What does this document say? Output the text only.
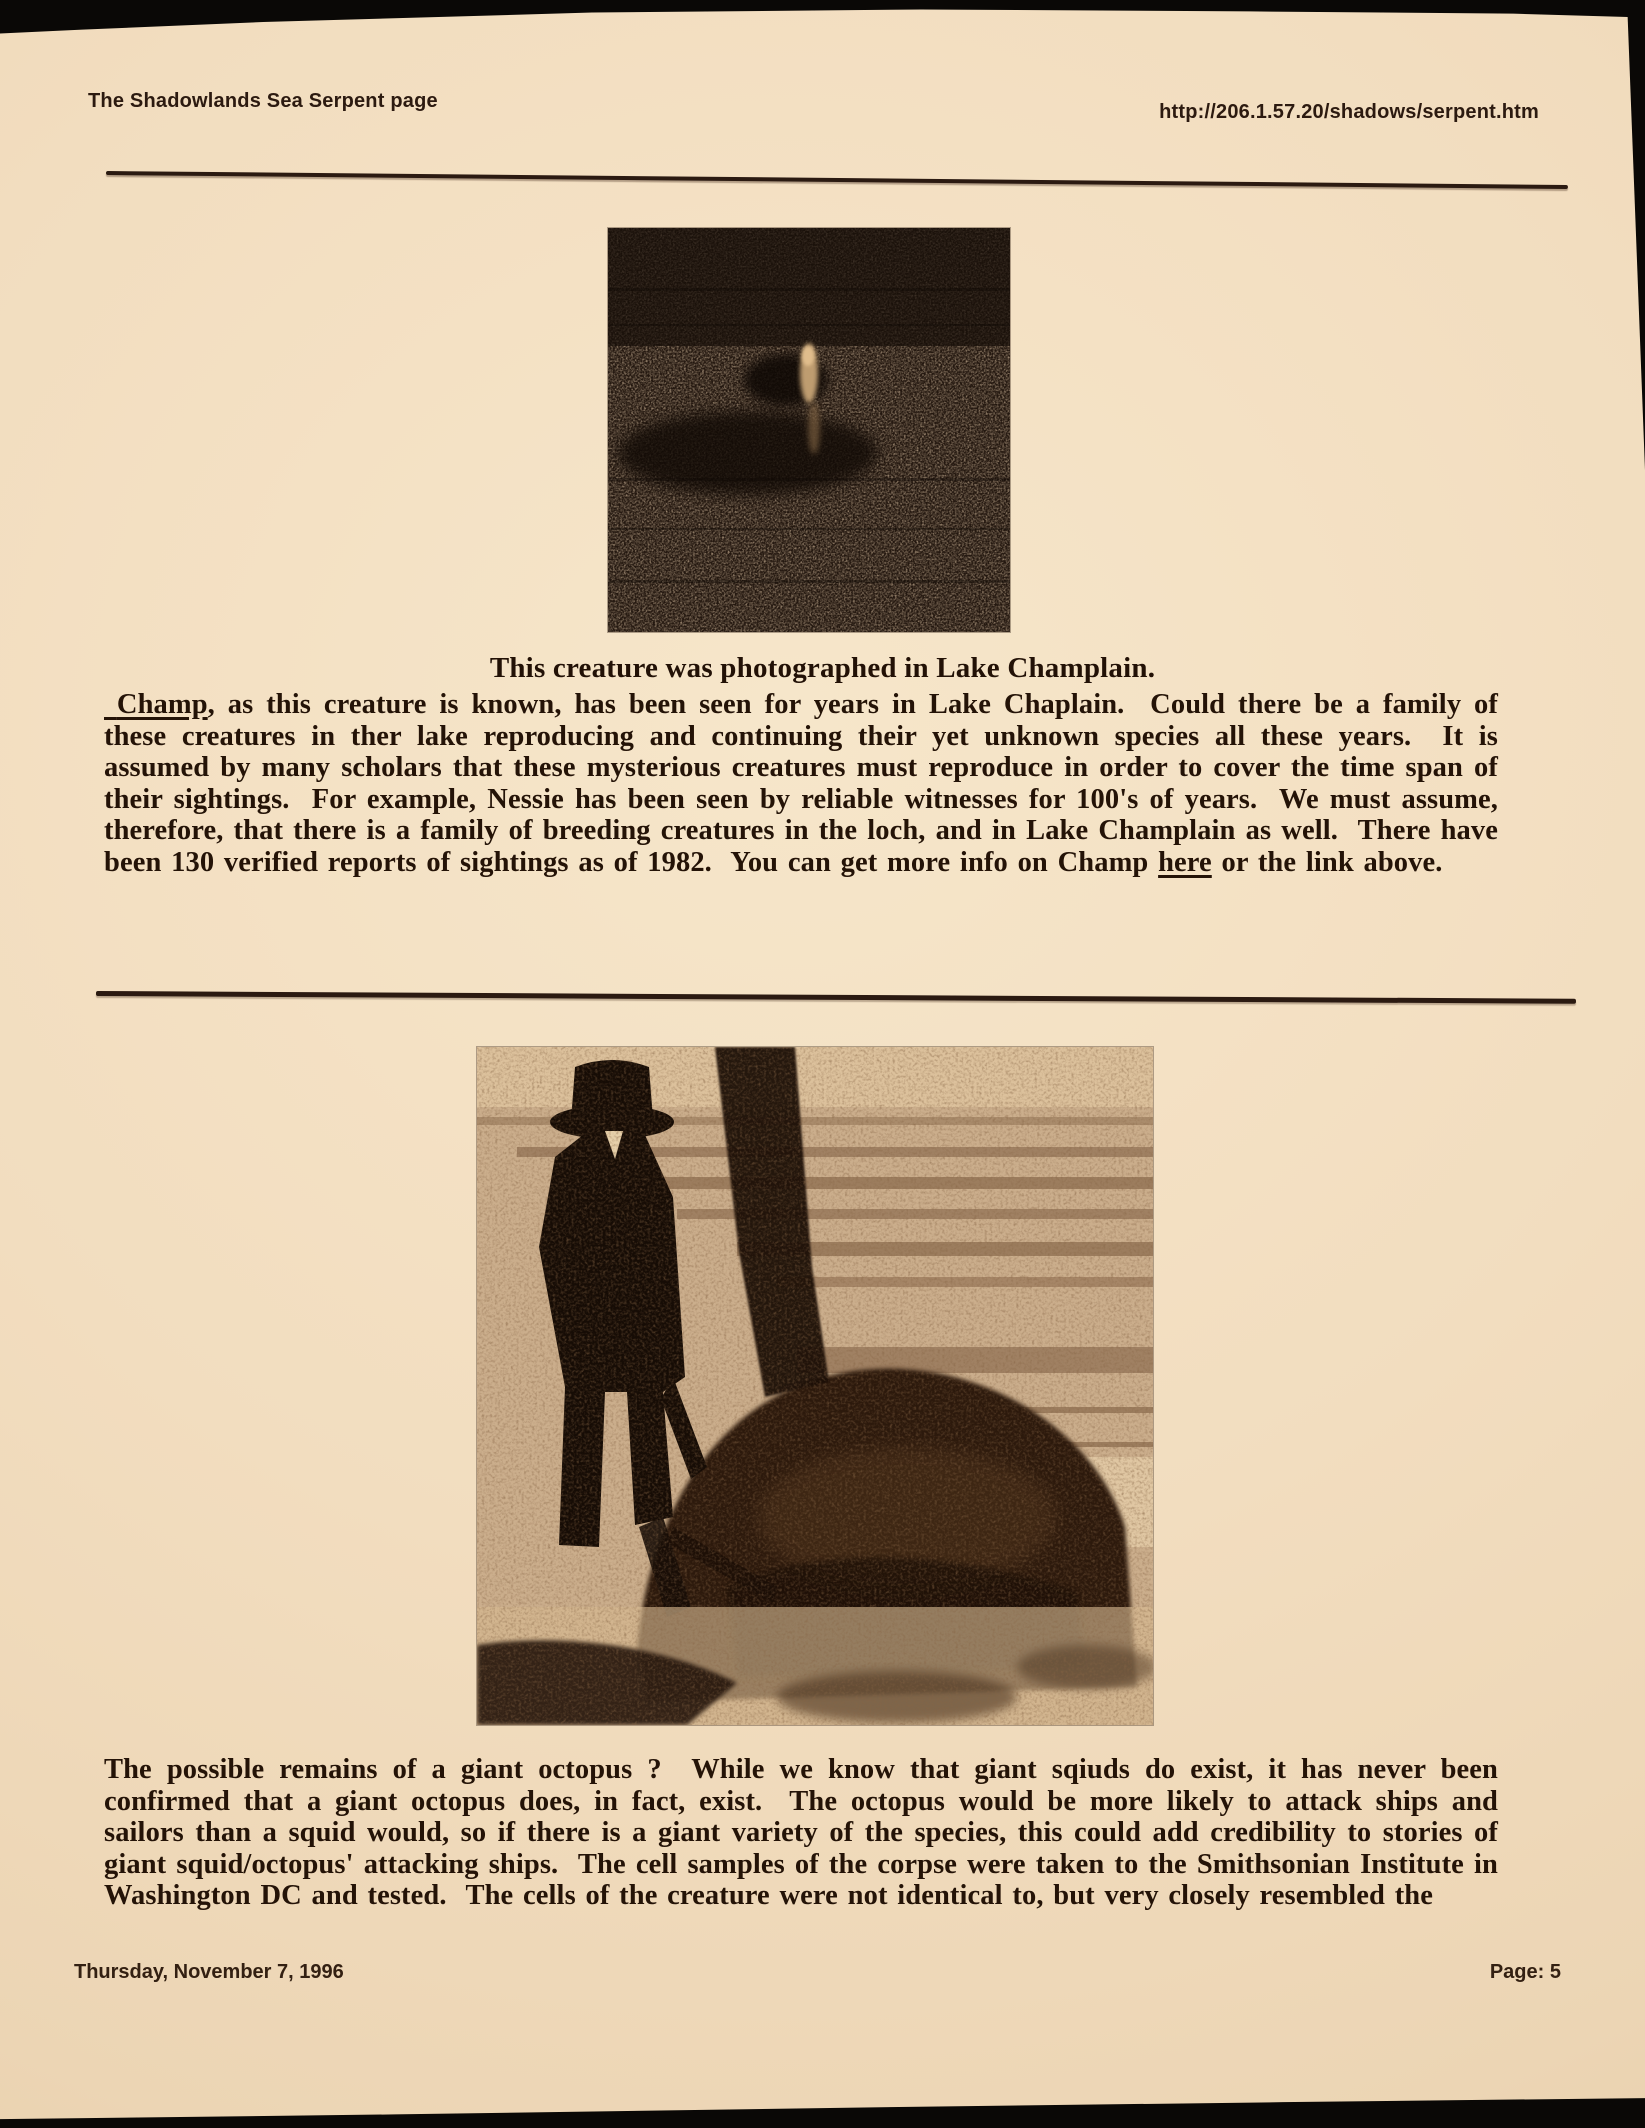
The Shadowlands Sea Serpent page	http://206.1.57.20/shadows/serpent.htm
This creature was photographed in Lake Champlain.
Champ, as this creature is known, has been seen for years in Lake Chaplain.  Could there be a family of these creatures in ther lake reproducing and continuing their yet unknown species all these years.  It is assumed by many scholars that these mysterious creatures must reproduce in order to cover the time span of their sightings.  For example, Nessie has been seen by reliable witnesses for 100's of years.  We must assume, therefore, that there is a family of breeding creatures in the loch, and in Lake Champlain as well.  There have been 130 verified reports of sightings as of 1982.  You can get more info on Champ here or the link above.
The possible remains of a giant octopus ?  While we know that giant sqiuds do exist, it has never been confirmed that a giant octopus does, in fact, exist.  The octopus would be more likely to attack ships and sailors than a squid would, so if there is a giant variety of the species, this could add credibility to stories of giant squid/octopus' attacking ships.  The cell samples of the corpse were taken to the Smithsonian Institute in Washington DC and tested.  The cells of the creature were not identical to, but very closely resembled the
Thursday, November 7, 1996	Page: 5
